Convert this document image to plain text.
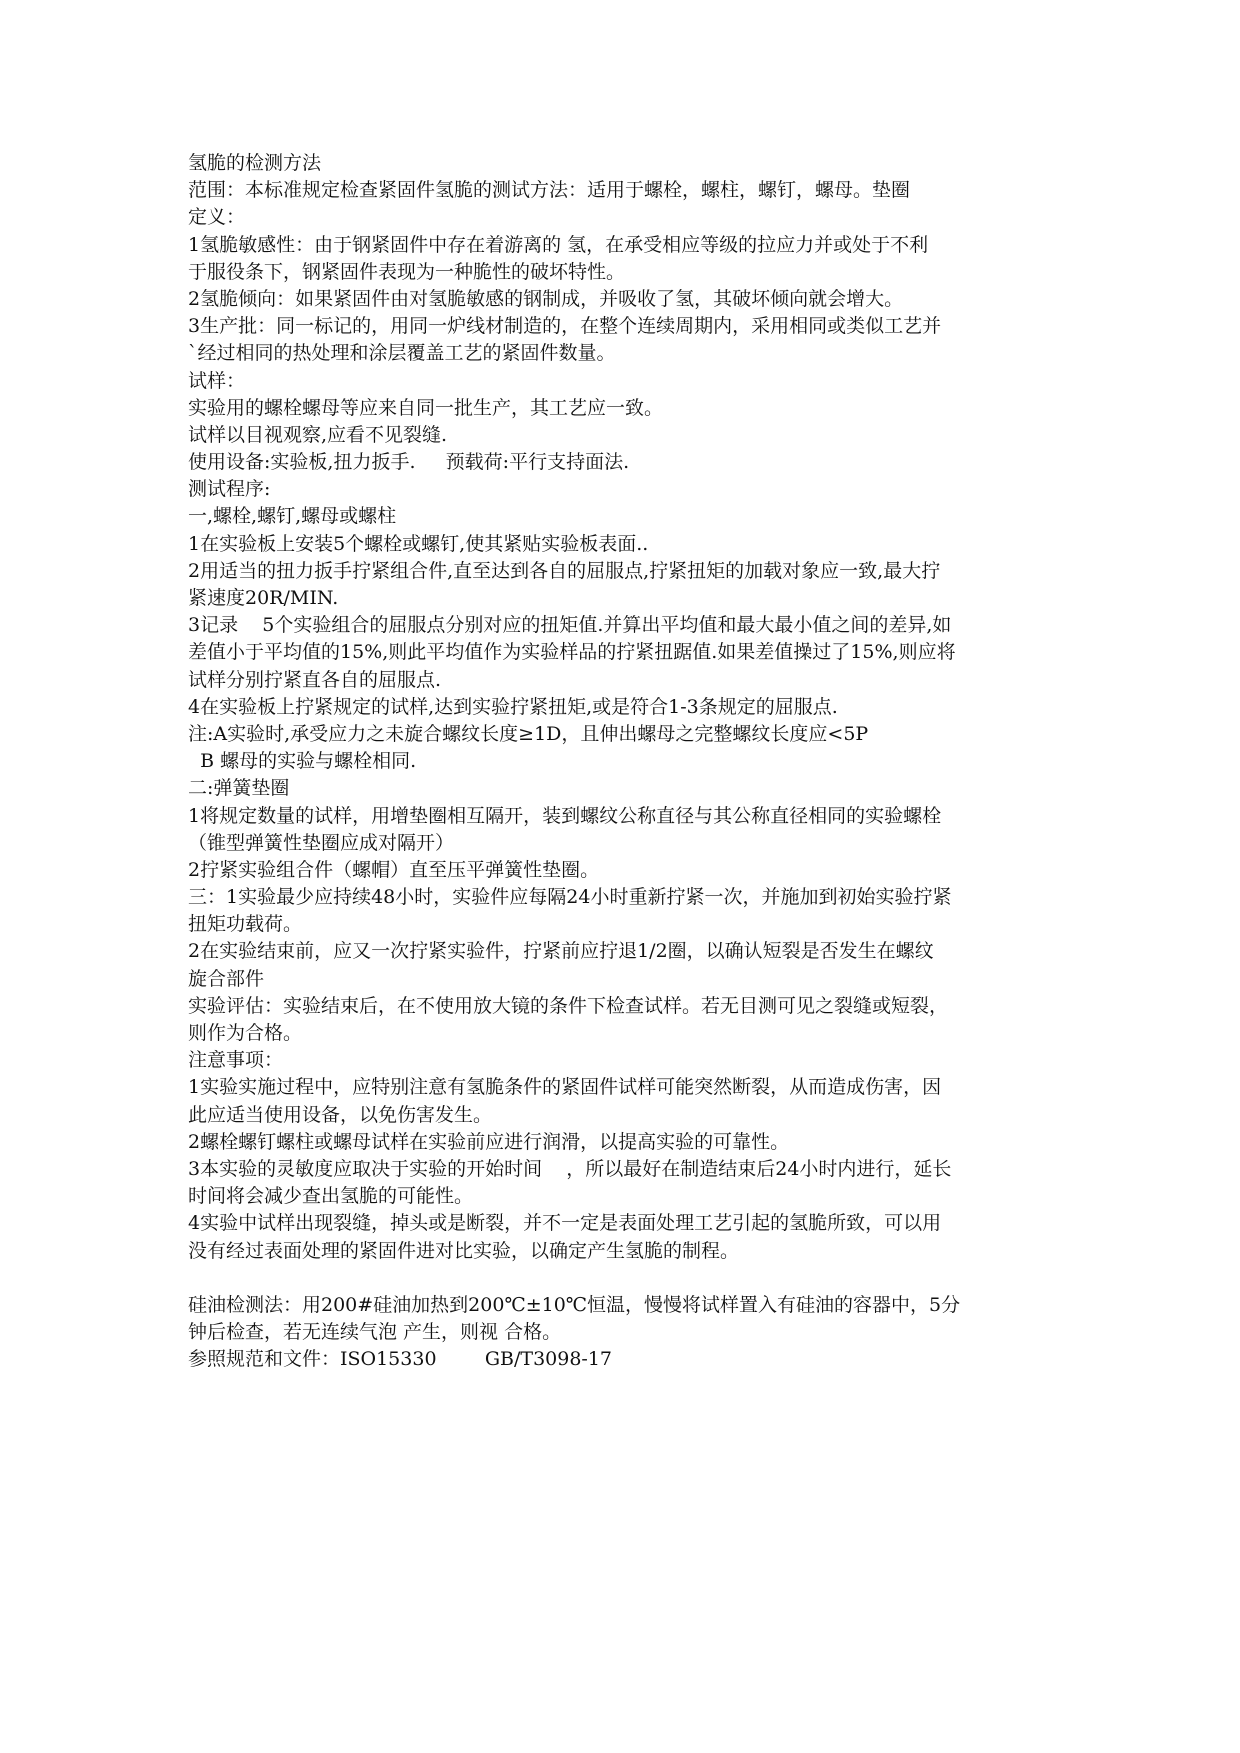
氢脆的检测方法
范围：本标准规定检查紧固件氢脆的测试方法：适用于螺栓，螺柱，螺钉，螺母。垫圈
定义：
1氢脆敏感性：由于钢紧固件中存在着游离的 氢，在承受相应等级的拉应力并或处于不利
于服役条下，钢紧固件表现为一种脆性的破坏特性。
2氢脆倾向：如果紧固件由对氢脆敏感的钢制成，并吸收了氢，其破坏倾向就会增大。
3生产批：同一标记的，用同一炉线材制造的，在整个连续周期内，采用相同或类似工艺并
`经过相同的热处理和涂层覆盖工艺的紧固件数量。
试样：
实验用的螺栓螺母等应来自同一批生产，其工艺应一致。
试样以目视观察,应看不见裂缝.
使用设备:实验板,扭力扳手.     预载荷:平行支持面法.
测试程序:
一,螺栓,螺钉,螺母或螺柱
1在实验板上安装5个螺栓或螺钉,使其紧贴实验板表面..
2用适当的扭力扳手拧紧组合件,直至达到各自的屈服点,拧紧扭矩的加载对象应一致,最大拧
紧速度20R/MIN.
3记录    5个实验组合的屈服点分别对应的扭矩值.并算出平均值和最大最小值之间的差异,如
差值小于平均值的15%,则此平均值作为实验样品的拧紧扭踞值.如果差值操过了15%,则应将
试样分别拧紧直各自的屈服点.
4在实验板上拧紧规定的试样,达到实验拧紧扭矩,或是符合1-3条规定的屈服点.
注:A实验时,承受应力之未旋合螺纹长度≥1D，且伸出螺母之完整螺纹长度应<5P
B 螺母的实验与螺栓相同.
二:弹簧垫圈
1将规定数量的试样，用增垫圈相互隔开，装到螺纹公称直径与其公称直径相同的实验螺栓
（锥型弹簧性垫圈应成对隔开）
2拧紧实验组合件（螺帽）直至压平弹簧性垫圈。
三：1实验最少应持续48小时，实验件应每隔24小时重新拧紧一次，并施加到初始实验拧紧
扭矩功载荷。
2在实验结束前，应又一次拧紧实验件，拧紧前应拧退1/2圈，以确认短裂是否发生在螺纹
旋合部件
实验评估：实验结束后，在不使用放大镜的条件下检查试样。若无目测可见之裂缝或短裂，
则作为合格。
注意事项：
1实验实施过程中，应特别注意有氢脆条件的紧固件试样可能突然断裂，从而造成伤害，因
此应适当使用设备，以免伤害发生。
2螺栓螺钉螺柱或螺母试样在实验前应进行润滑，以提高实验的可靠性。
3本实验的灵敏度应取决于实验的开始时间    ，所以最好在制造结束后24小时内进行，延长
时间将会减少查出氢脆的可能性。
4实验中试样出现裂缝，掉头或是断裂，并不一定是表面处理工艺引起的氢脆所致，可以用
没有经过表面处理的紧固件进对比实验，以确定产生氢脆的制程。
硅油检测法：用200#硅油加热到200℃±10℃恒温，慢慢将试样置入有硅油的容器中，5分
钟后检查，若无连续气泡 产生，则视 合格。
参照规范和文件：ISO15330        GB/T3098-17
